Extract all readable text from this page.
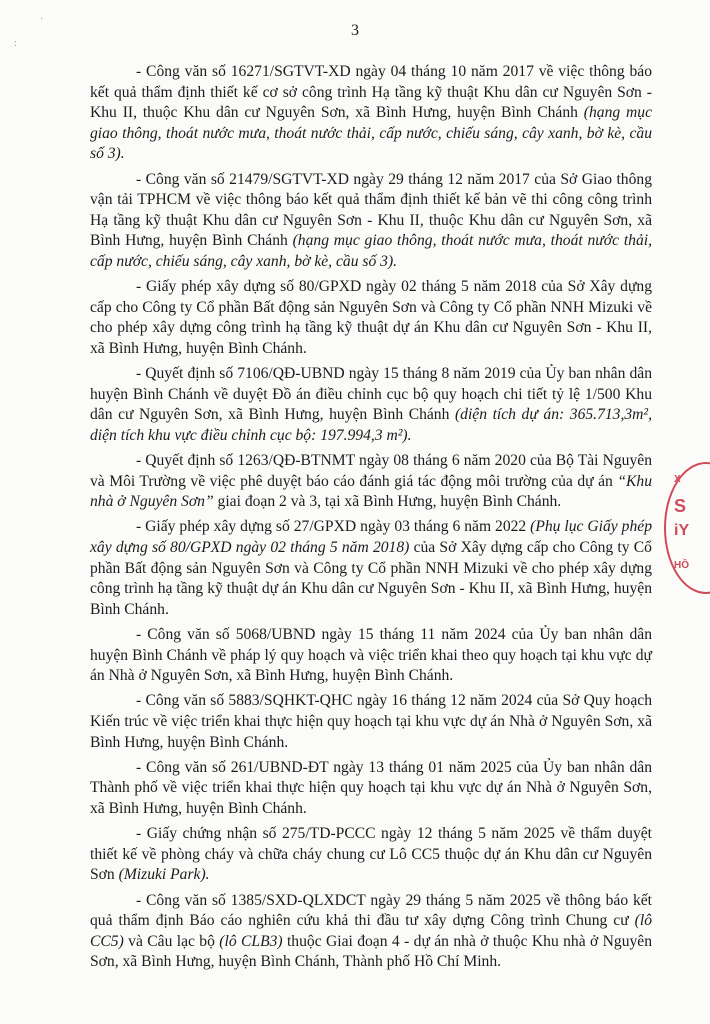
3
·
:

- Công văn số 16271/SGTVT-XD ngày 04 tháng 10 năm 2017 về việc thông báo kết quả thẩm định thiết kế cơ sở công trình Hạ tầng kỹ thuật Khu dân cư Nguyên Sơn - Khu II, thuộc Khu dân cư Nguyên Sơn, xã Bình Hưng, huyện Bình Chánh (hạng mục giao thông, thoát nước mưa, thoát nước thải, cấp nước, chiếu sáng, cây xanh, bờ kè, cầu số 3).

- Công văn số 21479/SGTVT-XD ngày 29 tháng 12 năm 2017 của Sở Giao thông vận tải TPHCM về việc thông báo kết quả thẩm định thiết kế bản vẽ thi công công trình Hạ tầng kỹ thuật Khu dân cư Nguyên Sơn - Khu II, thuộc Khu dân cư Nguyên Sơn, xã Bình Hưng, huyện Bình Chánh (hạng mục giao thông, thoát nước mưa, thoát nước thải, cấp nước, chiếu sáng, cây xanh, bờ kè, cầu số 3).

- Giấy phép xây dựng số 80/GPXD ngày 02 tháng 5 năm 2018 của Sở Xây dựng cấp cho Công ty Cổ phần Bất động sản Nguyên Sơn và Công ty Cổ phần NNH Mizuki về cho phép xây dựng công trình hạ tầng kỹ thuật dự án Khu dân cư Nguyên Sơn - Khu II, xã Bình Hưng, huyện Bình Chánh.

- Quyết định số 7106/QĐ-UBND ngày 15 tháng 8 năm 2019 của Ủy ban nhân dân huyện Bình Chánh về duyệt Đồ án điều chỉnh cục bộ quy hoạch chi tiết tỷ lệ 1/500 Khu dân cư Nguyên Sơn, xã Bình Hưng, huyện Bình Chánh (diện tích dự án: 365.713,3m², diện tích khu vực điều chỉnh cục bộ: 197.994,3 m²).

- Quyết định số 1263/QĐ-BTNMT ngày 08 tháng 6 năm 2020 của Bộ Tài Nguyên và Môi Trường về việc phê duyệt báo cáo đánh giá tác động môi trường của dự án “Khu nhà ở Nguyên Sơn” giai đoạn 2 và 3, tại xã Bình Hưng, huyện Bình Chánh.

- Giấy phép xây dựng số 27/GPXD ngày 03 tháng 6 năm 2022 (Phụ lục Giấy phép xây dựng số 80/GPXD ngày 02 tháng 5 năm 2018) của Sở Xây dựng cấp cho Công ty Cổ phần Bất động sản Nguyên Sơn và Công ty Cổ phần NNH Mizuki về cho phép xây dựng công trình hạ tầng kỹ thuật dự án Khu dân cư Nguyên Sơn - Khu II, xã Bình Hưng, huyện Bình Chánh.

- Công văn số 5068/UBND ngày 15 tháng 11 năm 2024 của Ủy ban nhân dân huyện Bình Chánh về pháp lý quy hoạch và việc triển khai theo quy hoạch tại khu vực dự án Nhà ở Nguyên Sơn, xã Bình Hưng, huyện Bình Chánh.

- Công văn số 5883/SQHKT-QHC ngày 16 tháng 12 năm 2024 của Sở Quy hoạch Kiến trúc về việc triển khai thực hiện quy hoạch tại khu vực dự án Nhà ở Nguyên Sơn, xã Bình Hưng, huyện Bình Chánh.

- Công văn số 261/UBND-ĐT ngày 13 tháng 01 năm 2025 của Ủy ban nhân dân Thành phố về việc triển khai thực hiện quy hoạch tại khu vực dự án Nhà ở Nguyên Sơn, xã Bình Hưng, huyện Bình Chánh.

- Giấy chứng nhận số 275/TD-PCCC ngày 12 tháng 5 năm 2025 về thẩm duyệt thiết kế về phòng cháy và chữa cháy chung cư Lô CC5 thuộc dự án Khu dân cư Nguyên Sơn (Mizuki Park).

- Công văn số 1385/SXD-QLXDCT ngày 29 tháng 5 năm 2025 về thông báo kết quả thẩm định Báo cáo nghiên cứu khả thi đầu tư xây dựng Công trình Chung cư (lô CC5) và Câu lạc bộ (lô CLB3) thuộc Giai đoạn 4 - dự án nhà ở thuộc Khu nhà ở Nguyên Sơn, xã Bình Hưng, huyện Bình Chánh, Thành phố Hồ Chí Minh.

X
S
iY
HỒ
